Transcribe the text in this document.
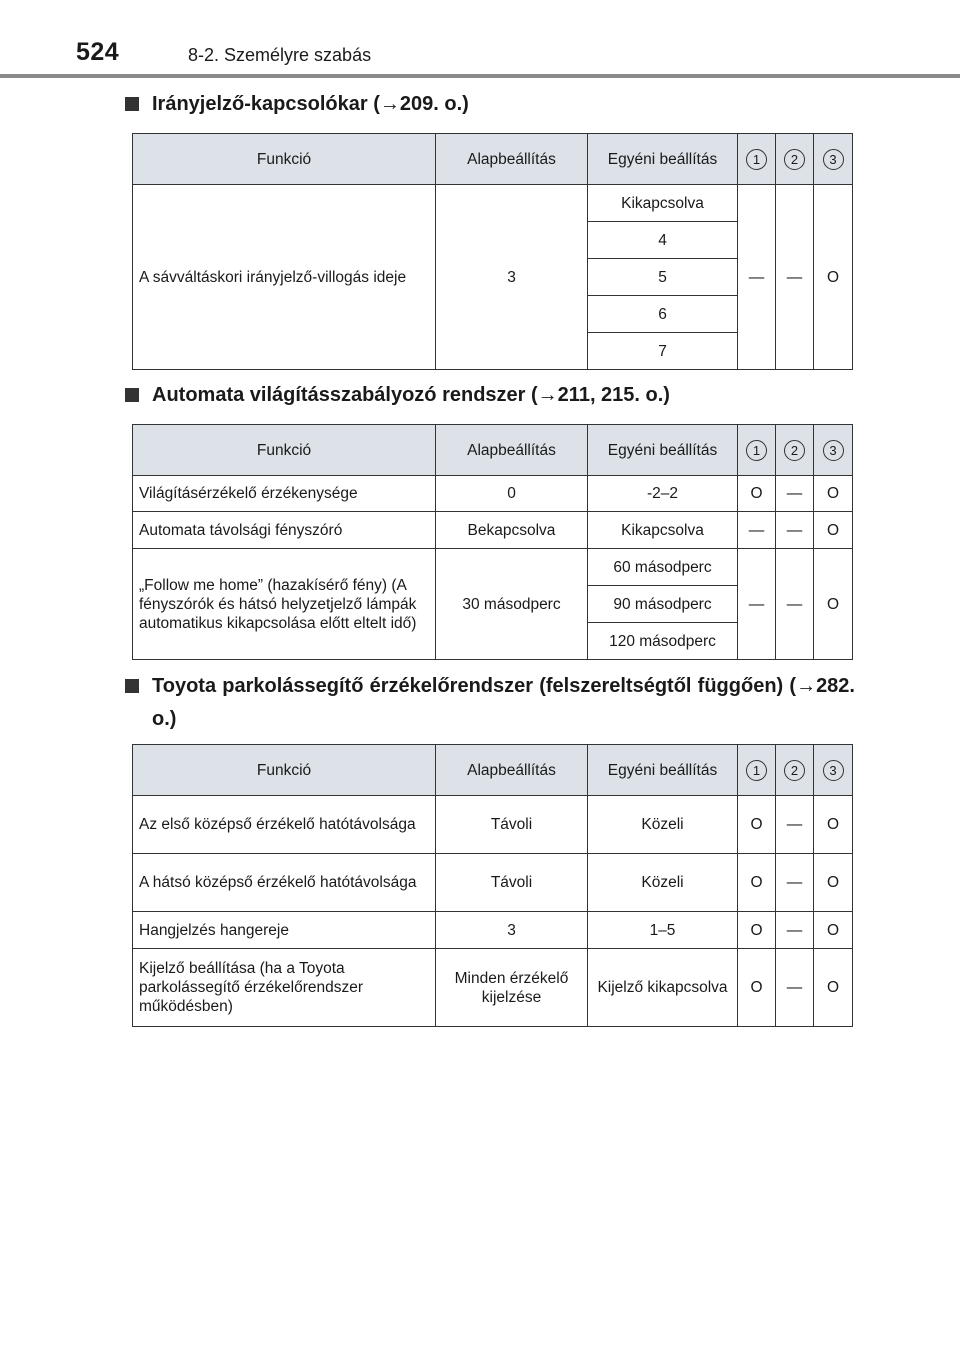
524	8-2. Személyre szabás
Irányjelző-kapcsolókar (→209. o.)
Funkció	Alapbeállítás	Egyéni beállítás	1	2	3
A sávváltáskori irányjelző-villogás ideje	3	Kikapcsolva	—	—	O
		4			
		5			
		6			
		7			
Automata világításszabályozó rendszer (→211, 215. o.)
Funkció	Alapbeállítás	Egyéni beállítás	1	2	3
Világításérzékelő érzékenysége	0	-2–2	O	—	O
Automata távolsági fényszóró	Bekapcsolva	Kikapcsolva	—	—	O
„Follow me home” (hazakísérő fény) (A fényszórók és hátsó helyzetjelző lámpák automatikus kikapcsolása előtt eltelt idő)	30 másodperc	60 másodperc	—	—	O
		90 másodperc			
		120 másodperc			
Toyota parkolássegítő érzékelőrendszer (felszereltségtől függően) (→282. o.)
Funkció	Alapbeállítás	Egyéni beállítás	1	2	3
Az első középső érzékelő hatótávolsága	Távoli	Közeli	O	—	O
A hátsó középső érzékelő hatótávolsága	Távoli	Közeli	O	—	O
Hangjelzés hangereje	3	1–5	O	—	O
Kijelző beállítása (ha a Toyota parkolássegítő érzékelőrendszer működésben)	Minden érzékelő kijelzése	Kijelző kikapcsolva	O	—	O
